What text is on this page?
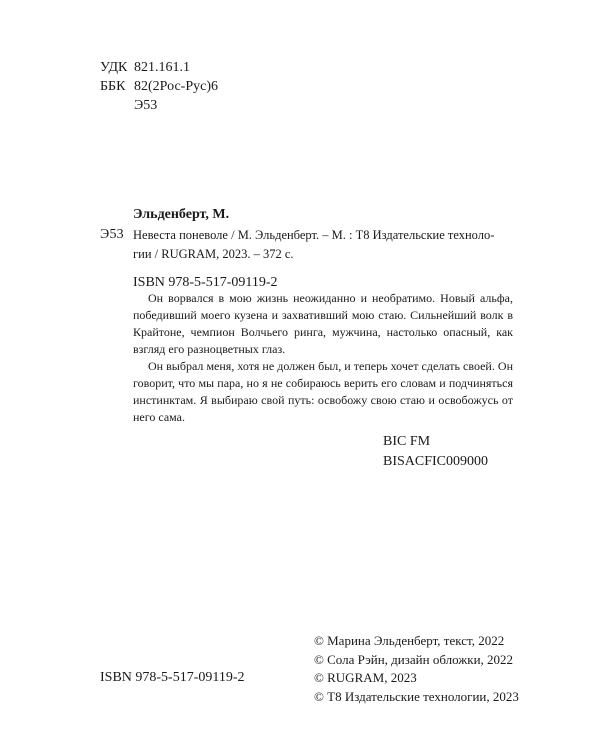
УДК 821.161.1
ББК 82(2Рос-Рус)6
Э53
Эльденберт, М.
Э53 Невеста поневоле / М. Эльденберт. – М. : Т8 Издательские техноло-
гии / RUGRAM, 2023. – 372 с.
ISBN 978-5-517-09119-2

Он ворвался в мою жизнь неожиданно и необратимо. Новый альфа, победивший моего кузена и захвативший мою стаю. Сильнейший волк в Крайтоне, чемпион Волчьего ринга, мужчина, настолько опасный, как взгляд его разноцветных глаз.

Он выбрал меня, хотя не должен был, и теперь хочет сделать своей. Он говорит, что мы пара, но я не собираюсь верить его словам и подчиняться инстинктам. Я выбираю свой путь: освобожу свою стаю и освобожусь от него сама.

BIC FM
BISACFIC009000
ISBN 978-5-517-09119-2
© Марина Эльденберт, текст, 2022
© Сола Рэйн, дизайн обложки, 2022
© RUGRAM, 2023
© Т8 Издательские технологии, 2023
